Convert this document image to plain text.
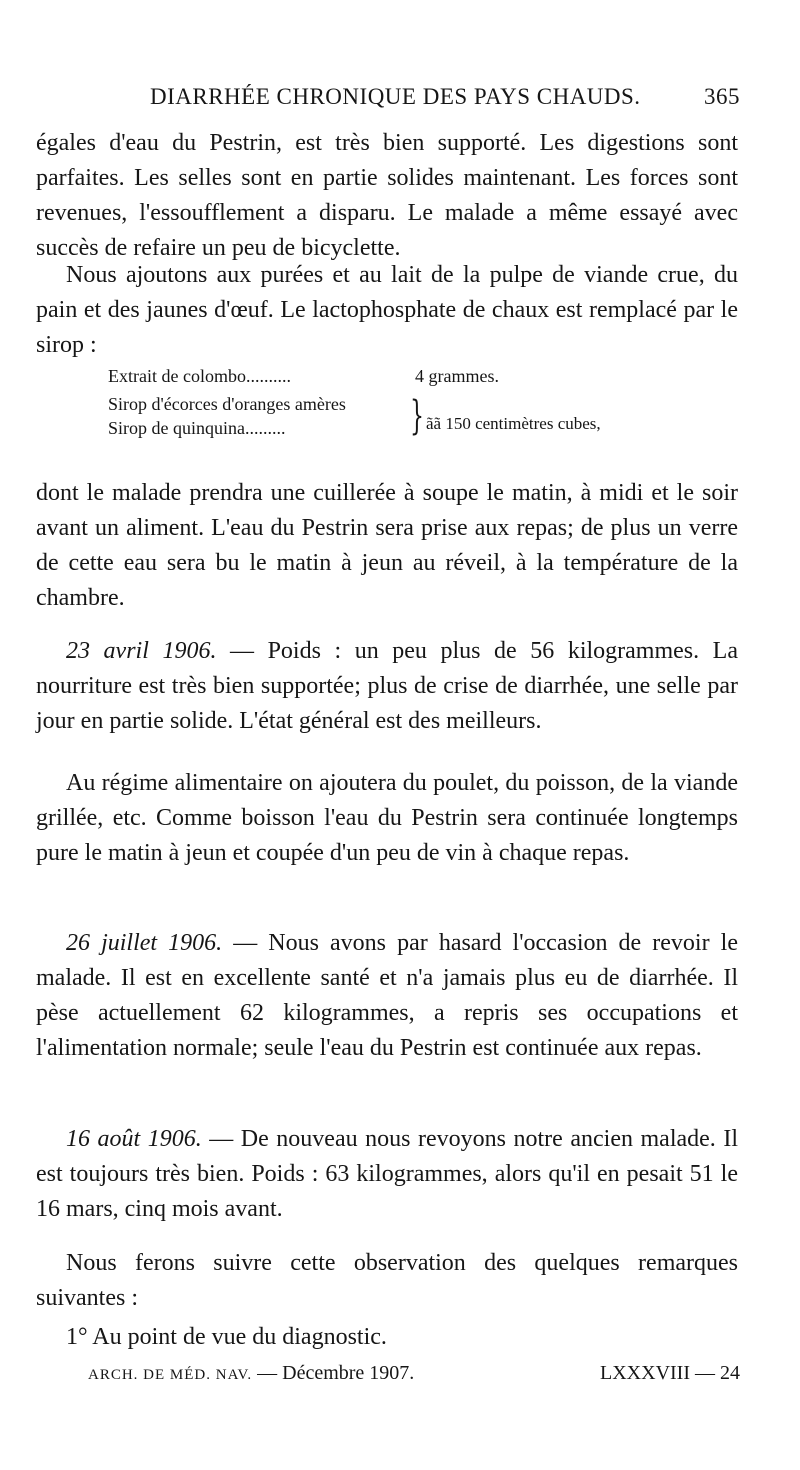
DIARRHÉE CHRONIQUE DES PAYS CHAUDS.	365
égales d'eau du Pestrin, est très bien supporté. Les digestions sont parfaites. Les selles sont en partie solides maintenant. Les forces sont revenues, l'essoufflement a disparu. Le malade a même essayé avec succès de refaire un peu de bicyclette.
Nous ajoutons aux purées et au lait de la pulpe de viande crue, du pain et des jaunes d'œuf. Le lactophosphate de chaux est remplacé par le sirop :
Extrait de colombo..........	4 grammes.
Sirop d'écorces d'oranges amères
Sirop de quinquina.........	} ãã 150 centimètres cubes,
dont le malade prendra une cuillerée à soupe le matin, à midi et le soir avant un aliment. L'eau du Pestrin sera prise aux repas; de plus un verre de cette eau sera bu le matin à jeun au réveil, à la température de la chambre.
23 avril 1906. — Poids : un peu plus de 56 kilogrammes. La nourriture est très bien supportée; plus de crise de diarrhée, une selle par jour en partie solide. L'état général est des meilleurs.
Au régime alimentaire on ajoutera du poulet, du poisson, de la viande grillée, etc. Comme boisson l'eau du Pestrin sera continuée longtemps pure le matin à jeun et coupée d'un peu de vin à chaque repas.
26 juillet 1906. — Nous avons par hasard l'occasion de revoir le malade. Il est en excellente santé et n'a jamais plus eu de diarrhée. Il pèse actuellement 62 kilogrammes, a repris ses occupations et l'alimentation normale; seule l'eau du Pestrin est continuée aux repas.
16 août 1906. — De nouveau nous revoyons notre ancien malade. Il est toujours très bien. Poids : 63 kilogrammes, alors qu'il en pesait 51 le 16 mars, cinq mois avant.
Nous ferons suivre cette observation des quelques remarques suivantes :
1° Au point de vue du diagnostic.
ARCH. DE MÉD. NAV. — Décembre 1907.	LXXXVIII — 24
